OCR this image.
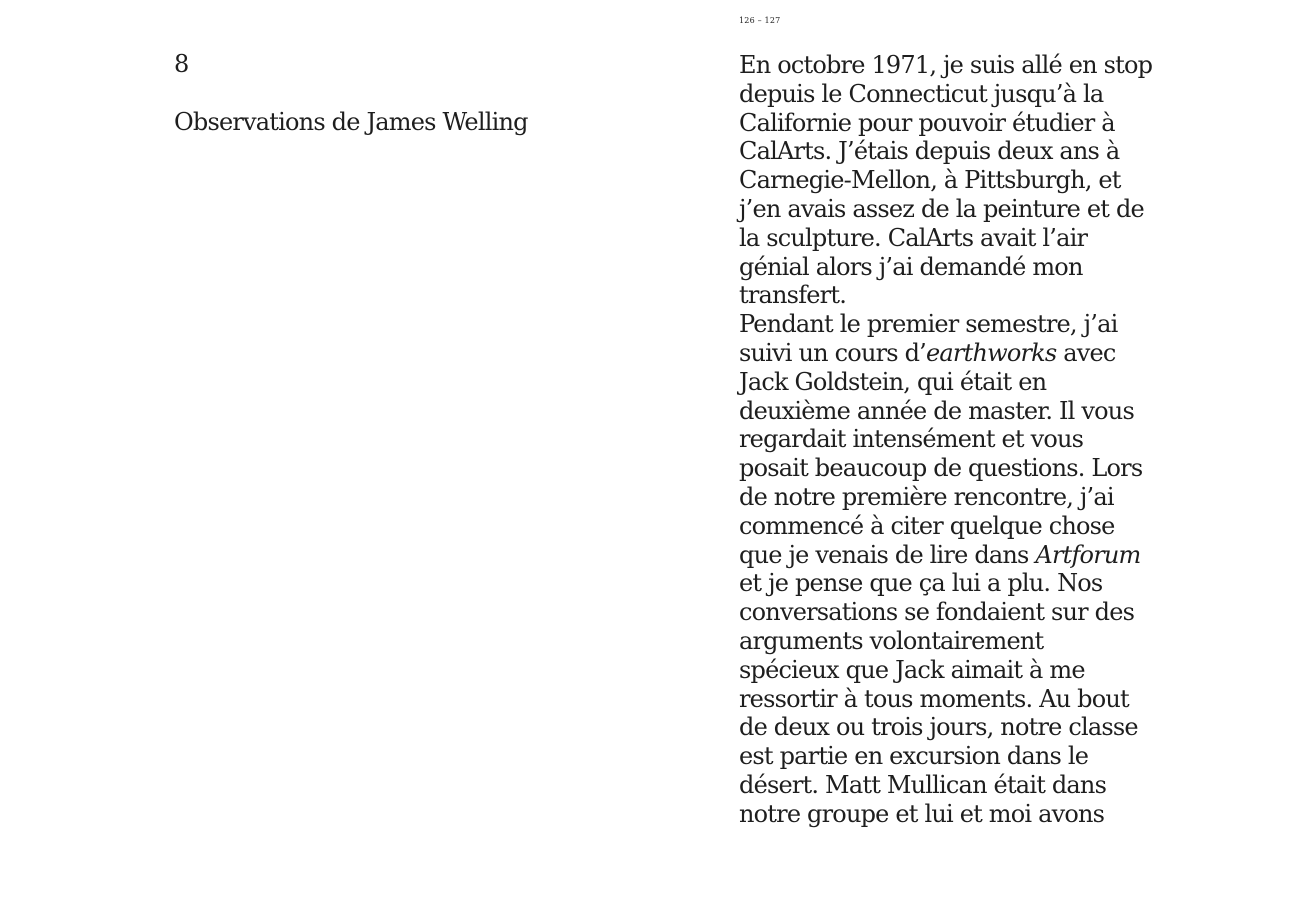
126 – 127
8
Observations de James Welling
En octobre 1971, je suis allé en stop
depuis le Connecticut jusqu’à la
Californie pour pouvoir étudier à
CalArts. J’étais depuis deux ans à
Carnegie-Mellon, à Pittsburgh, et
j’en avais assez de la peinture et de
la sculpture. CalArts avait l’air
génial alors j’ai demandé mon
transfert.
Pendant le premier semestre, j’ai
suivi un cours d’earthworks avec
Jack Goldstein, qui était en
deuxième année de master. Il vous
regardait intensément et vous
posait beaucoup de questions. Lors
de notre première rencontre, j’ai
commencé à citer quelque chose
que je venais de lire dans Artforum
et je pense que ça lui a plu. Nos
conversations se fondaient sur des
arguments volontairement
spécieux que Jack aimait à me
ressortir à tous moments. Au bout
de deux ou trois jours, notre classe
est partie en excursion dans le
désert. Matt Mullican était dans
notre groupe et lui et moi avons
